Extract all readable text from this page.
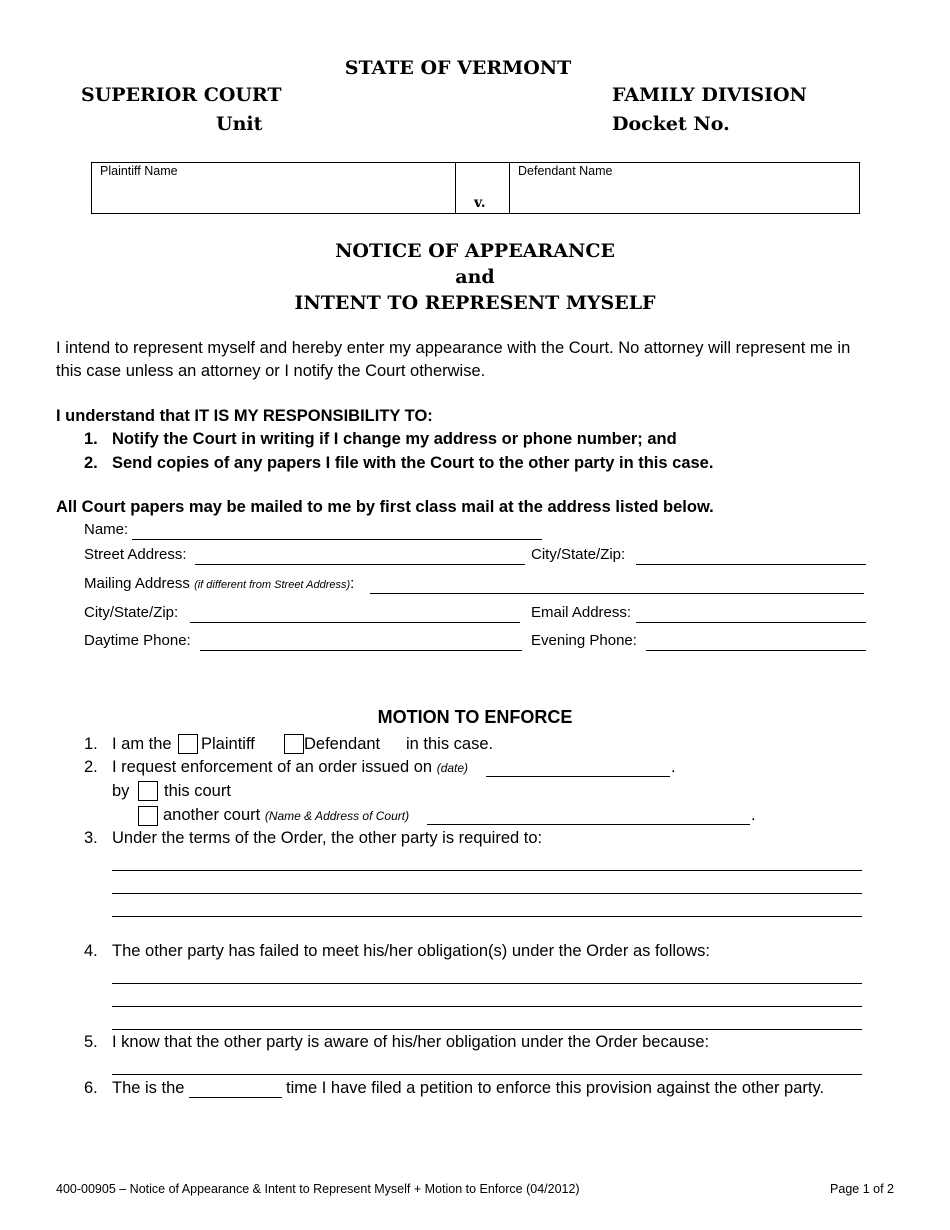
STATE OF VERMONT
SUPERIOR COURT
Unit
FAMILY DIVISION
Docket No.
Plaintiff Name
v.
Defendant Name
NOTICE OF APPEARANCE
and
INTENT TO REPRESENT MYSELF
I intend to represent myself and hereby enter my appearance with the Court. No attorney will represent me in
this case unless an attorney or I notify the Court otherwise.
I understand that IT IS MY RESPONSIBILITY TO:
1. Notify the Court in writing if I change my address or phone number; and
2. Send copies of any papers I file with the Court to the other party in this case.
All Court papers may be mailed to me by first class mail at the address listed below.
Name:
Street Address:	City/State/Zip:
Mailing Address (if different from Street Address):
City/State/Zip:	Email Address:
Daytime Phone:	Evening Phone:
MOTION TO ENFORCE
1. I am the Plaintiff	Defendant in this case.
2. I request enforcement of an order issued on (date)	.
by this court
another court (Name & Address of Court)	.
3. Under the terms of the Order, the other party is required to:
4. The other party has failed to meet his/her obligation(s) under the Order as follows:
5. I know that the other party is aware of his/her obligation under the Order because:
6. The is the	time I have filed a petition to enforce this provision against the other party.
400-00905 – Notice of Appearance & Intent to Represent Myself + Motion to Enforce (04/2012)	Page 1 of 2
